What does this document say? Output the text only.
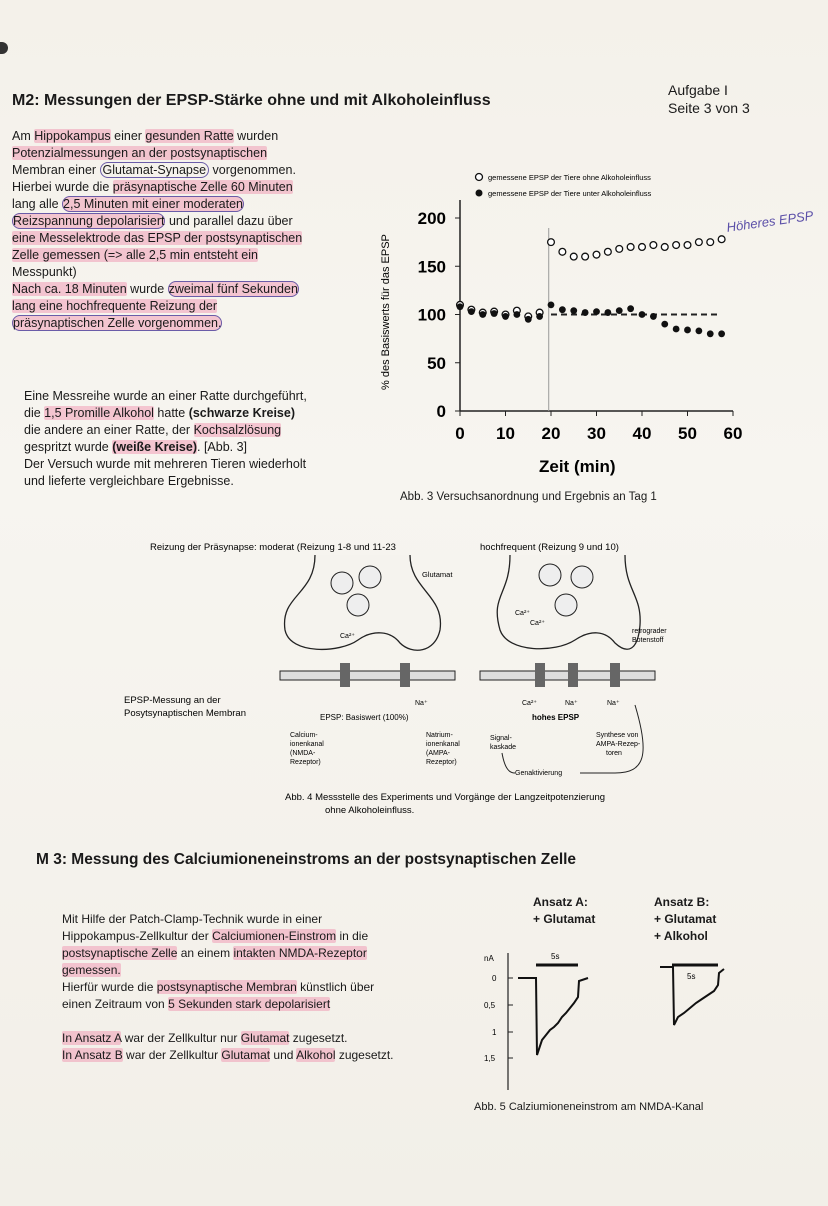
M2: Messungen der EPSP-Stärke ohne und mit Alkoholeinfluss
Aufgabe I
Seite 3 von 3

Am Hippokampus einer gesunden Ratte wurden

Potenzialmessungen an der postsynaptischen

Membran einer Glutamat-Synapse vorgenommen.

Hierbei wurde die präsynaptische Zelle 60 Minuten

lang alle 2,5 Minuten mit einer moderaten

Reizspannung depolarisiert und parallel dazu über

eine Messelektrode das EPSP der postsynaptischen

Zelle gemessen (=> alle 2,5 min entsteht ein

Messpunkt)

Nach ca. 18 Minuten wurde zweimal fünf Sekunden

lang eine hochfrequente Reizung der

präsynaptischen Zelle vorgenommen.

Eine Messreihe wurde an einer Ratte durchgeführt,

die 1,5 Promille Alkohol hatte (schwarze Kreise)

die andere an einer Ratte, der Kochsalzlösung

gespritzt wurde (weiße Kreise). [Abb. 3]

Der Versuch wurde mit mehreren Tieren wiederholt

und lieferte vergleichbare Ergebnisse.

% des Basiswerts für das EPSP
Zeit (min)
gemessene EPSP der Tiere ohne Alkoholeinfluss
gemessene EPSP der Tiere unter Alkoholeinfluss
Höheres EPSP
0 10 20 30 40 50 60
0
50
100
150
200
Abb. 3 Versuchsanordnung und Ergebnis an Tag 1
Reizung der Präsynapse: moderat (Reizung 1-8 und 11-23	hochfrequent (Reizung 9 und 10)
Glutamat
Ca²⁺
Ca²⁺
Ca²⁺
retrograder
Botenstoff
Na⁺	Ca²⁺	Na⁺	Na⁺
EPSP-Messung an der
Posytsynaptischen Membran	EPSP: Basiswert (100%)	hohes EPSP
Calcium-ionenkanal (NMDA-Rezeptor)
Natrium-ionenkanal (AMPA-Rezeptor)
Signal-kaskade
Synthese von AMPA-Rezep-toren
Genaktivierung
Abb. 4 Messstelle des Experiments und Vorgänge der Langzeitpotenzierung
ohne Alkoholeinfluss.
M 3: Messung des Calciumioneneinstroms an der postsynaptischen Zelle

Mit Hilfe der Patch-Clamp-Technik wurde in einer

Hippokampus-Zellkultur der Calciumionen-Einstrom in die

postsynaptische Zelle an einem intakten NMDA-Rezeptor

gemessen.

Hierfür wurde die postsynaptische Membran künstlich über

einen Zeitraum von 5 Sekunden stark depolarisiert

In Ansatz A war der Zellkultur nur Glutamat zugesetzt.

In Ansatz B war der Zellkultur Glutamat und Alkohol zugesetzt.

Ansatz A:
+ Glutamat
Ansatz B:
+ Glutamat
+ Alkohol
nA
0
0,5
1
1,5
5s
5s
Abb. 5 Calziumioneneinstrom am NMDA-Kanal
